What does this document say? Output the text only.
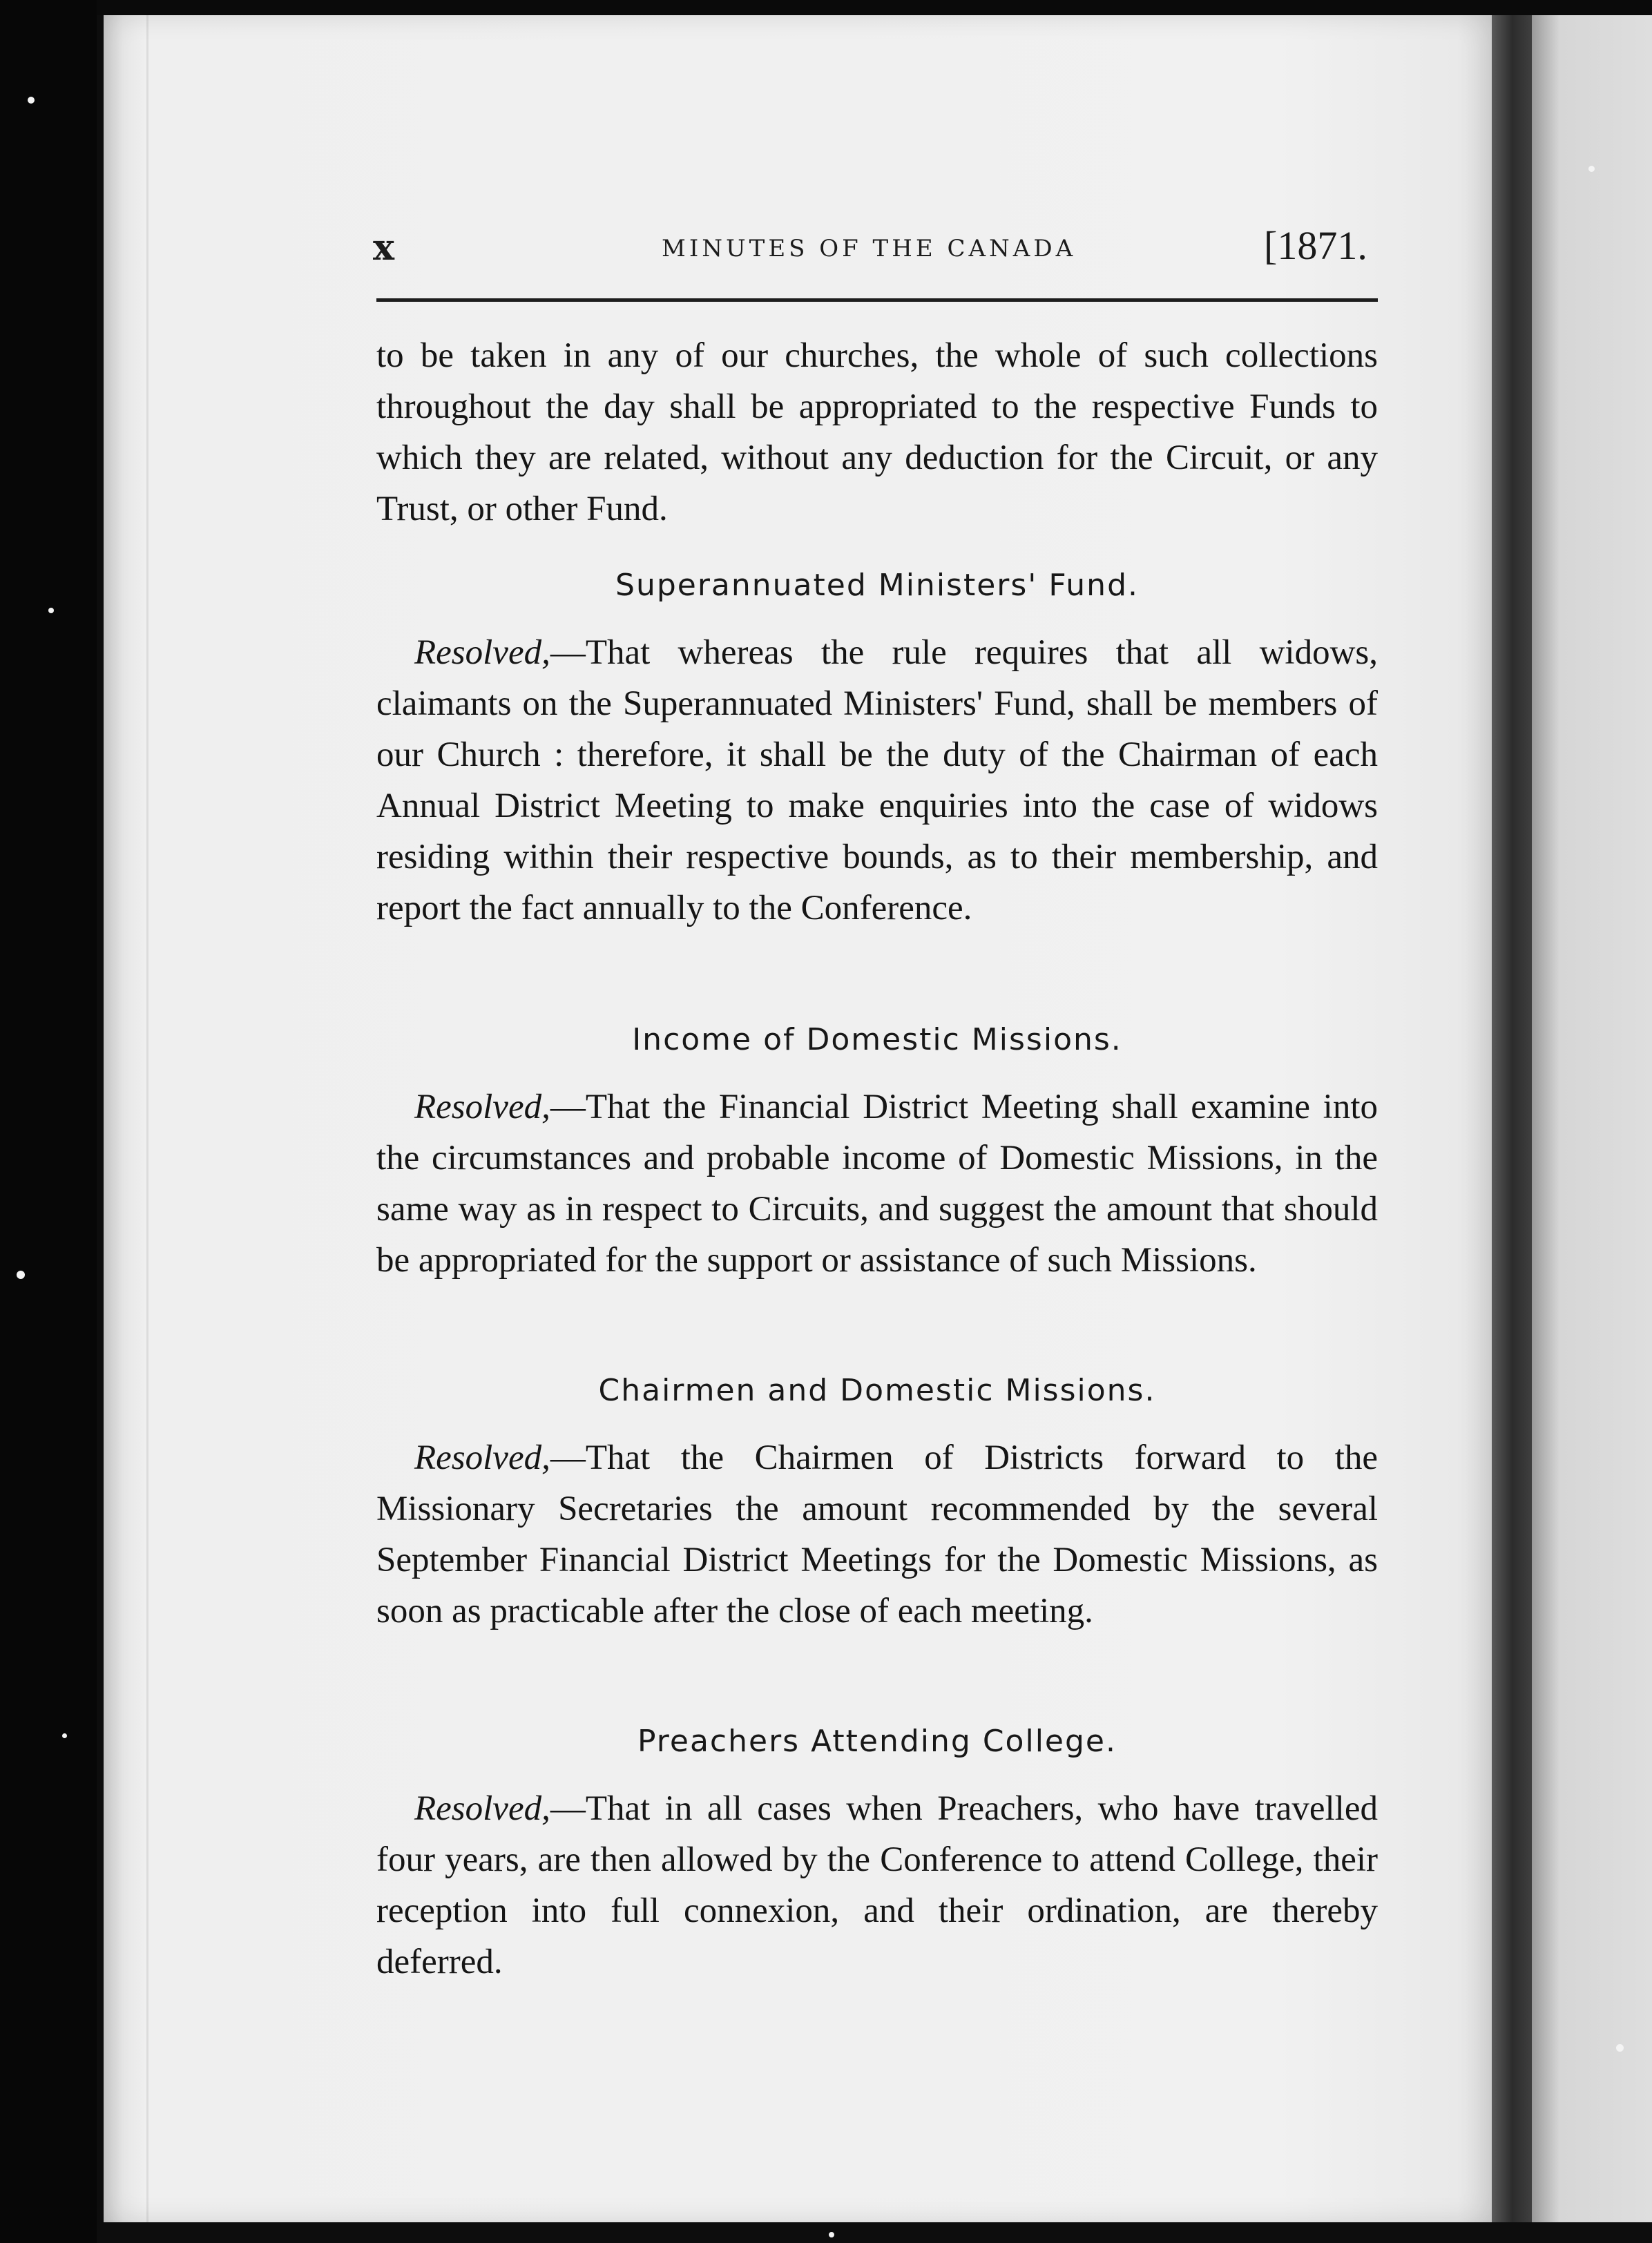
x	MINUTES OF THE CANADA	[1871.

to be taken in any of our churches, the whole of such collections throughout the day shall be appropriated to the respective Funds to which they are related, without any deduction for the Circuit, or any Trust, or other Fund.

Superannuated Ministers' Fund.

Resolved,—That whereas the rule requires that all widows, claimants on the Superannuated Ministers' Fund, shall be members of our Church : therefore, it shall be the duty of the Chairman of each Annual District Meeting to make enquiries into the case of widows residing within their respective bounds, as to their membership, and report the fact annually to the Conference.

Income of Domestic Missions.

Resolved,—That the Financial District Meeting shall examine into the circumstances and probable income of Domestic Missions, in the same way as in respect to Circuits, and suggest the amount that should be appropriated for the support or assistance of such Missions.

Chairmen and Domestic Missions.

Resolved,—That the Chairmen of Districts forward to the Missionary Secretaries the amount recommended by the several September Financial District Meetings for the Domestic Missions, as soon as practicable after the close of each meeting.

Preachers Attending College.

Resolved,—That in all cases when Preachers, who have travelled four years, are then allowed by the Conference to attend College, their reception into full connexion, and their ordination, are thereby deferred.
